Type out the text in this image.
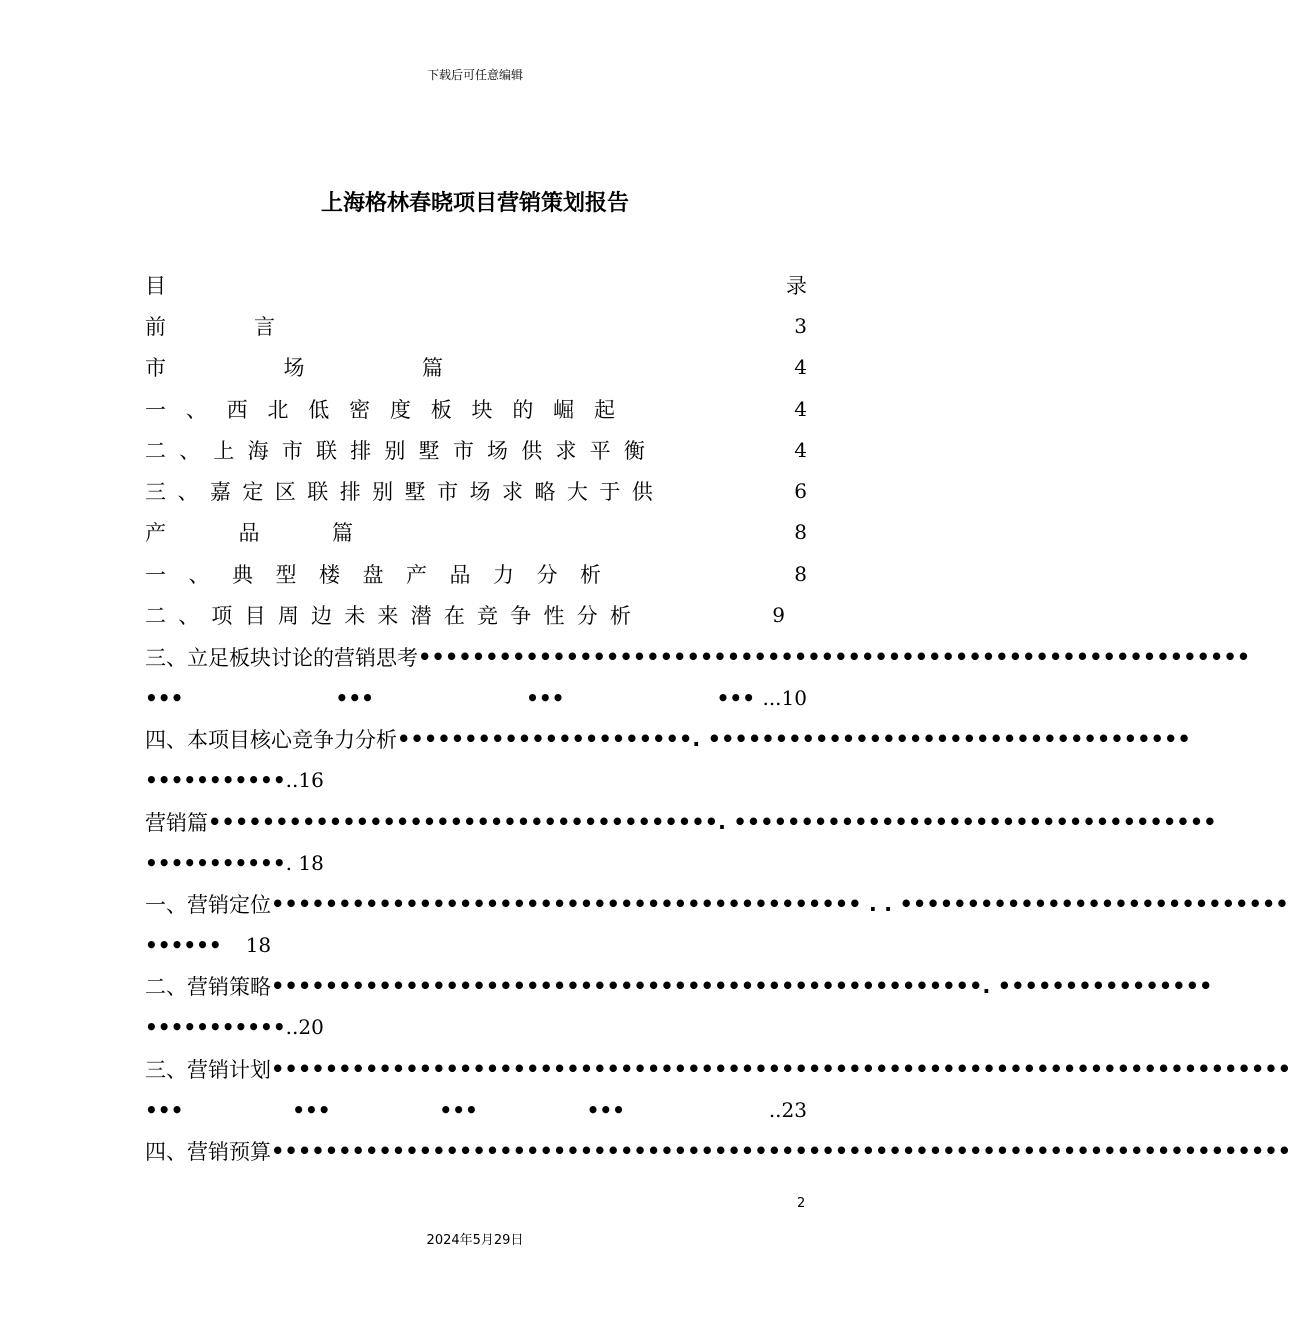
下载后可任意编辑
上海格林春晓项目营销策划报告
目	录
前	言	3
市	场	篇	4
一 、 西 北 低 密 度 板 块 的 崛 起	4
二 、 上 海 市 联 排 别 墅 市 场 供 求 平 衡	4
三 、 嘉 定 区 联 排 别 墅 市 场 求 略 大 于 供	6
产	品	篇	8
一 、 典 型 楼 盘 产 品 力 分 析	8
二 、 项 目 周 边 未 来 潜 在 竞 争 性 分 析	9
三、立足板块讨论的营销思考 ••••••••••••••••••••••••••••••••••••••••••••••••••••••••••••••
•••	•••	•••	••• ...10
四、本项目核心竞争力分析 ••••••••••••••••••••••. ••••••••••••••••••••••••••••••••••••
••••••••••• ..16
营销篇 ••••••••••••••••••••••••••••••••••••••. ••••••••••••••••••••••••••••••••••••
••••••••••• . 18
一、营销定位 •••••••••••••••••••••••••••••••••••••••••••• . . •••••••••••••••••••••••••••••
•••••• 18
二、营销策略 •••••••••••••••••••••••••••••••••••••••••••••••••••••. ••••••••••••••••
••••••••••• ..20
三、营销计划 ••••••••••••••••••••••••••••••••••••••••••••••••••••••••••••••••••••••••••••
•••	•••	•••	•••	..23
四、营销预算 ••••••••••••••••••••••••••••••••••••••••••••••••••••••••••••••••••••••••••••
2
2024年5月29日
